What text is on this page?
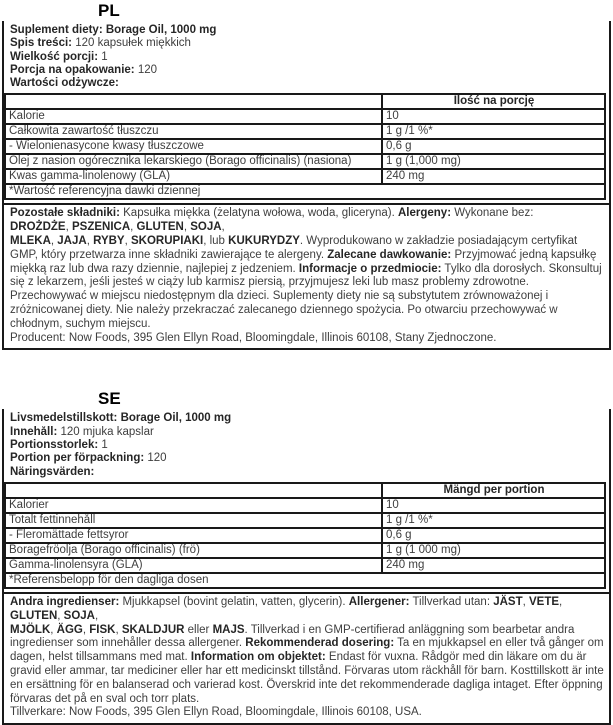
PL
Suplement diety: Borage Oil, 1000 mg
Spis treści: 120 kapsułek miękkich
Wielkość porcji: 1
Porcja na opakowanie: 120
Wartości odżywcze:
	Ilość na porcję
Kalorie	10
Całkowita zawartość tłuszczu	1 g /1 %*
- Wielonienasycone kwasy tłuszczowe	0,6 g
Olej z nasion ogórecznika lekarskiego (Borago officinalis) (nasiona)	1 g (1,000 mg)
Kwas gamma-linolenowy (GLA)	240 mg
*Wartość referencyjna dawki dziennej	
Pozostałe składniki: Kapsułka miękka (żelatyna wołowa, woda, gliceryna). Alergeny: Wykonane bez:
DROŻDŻE, PSZENICA, GLUTEN, SOJA,
MLEKA, JAJA, RYBY, SKORUPIAKI, lub KUKURYDZY. Wyprodukowano w zakładzie posiadającym certyfikat GMP, który przetwarza inne składniki zawierające te alergeny. Zalecane dawkowanie: Przyjmować jedną kapsułkę miękką raz lub dwa razy dziennie, najlepiej z jedzeniem. Informacje o przedmiocie: Tylko dla dorosłych. Skonsultuj się z lekarzem, jeśli jesteś w ciąży lub karmisz piersią, przyjmujesz leki lub masz problemy zdrowotne. Przechowywać w miejscu niedostępnym dla dzieci. Suplementy diety nie są substytutem zrównoważonej i zróżnicowanej diety. Nie należy przekraczać zalecanego dziennego spożycia. Po otwarciu przechowywać w chłodnym, suchym miejscu.
Producent: Now Foods, 395 Glen Ellyn Road, Bloomingdale, Illinois 60108, Stany Zjednoczone.
SE
Livsmedelstillskott: Borage Oil, 1000 mg
Innehåll: 120 mjuka kapslar
Portionsstorlek: 1
Portion per förpackning: 120
Näringsvärden:
	Mängd per portion
Kalorier	10
Totalt fettinnehåll	1 g /1 %*
- Fleromättade fettsyror	0,6 g
Boragefröolja (Borago officinalis) (frö)	1 g (1 000 mg)
Gamma-linolensyra (GLA)	240 mg
*Referensbelopp för den dagliga dosen	
Andra ingredienser: Mjukkapsel (bovint gelatin, vatten, glycerin). Allergener: Tillverkad utan: JÄST, VETE,
GLUTEN, SOJA,
MJÖLK, ÄGG, FISK, SKALDJUR eller MAJS. Tillverkad i en GMP-certifierad anläggning som bearbetar andra ingredienser som innehåller dessa allergener. Rekommenderad dosering: Ta en mjukkapsel en eller två gånger om dagen, helst tillsammans med mat. Information om objektet: Endast för vuxna. Rådgör med din läkare om du är gravid eller ammar, tar mediciner eller har ett medicinskt tillstånd. Förvaras utom räckhåll för barn. Kosttillskott är inte en ersättning för en balanserad och varierad kost. Överskrid inte det rekommenderade dagliga intaget. Efter öppning förvaras det på en sval och torr plats.
Tillverkare: Now Foods, 395 Glen Ellyn Road, Bloomingdale, Illinois 60108, USA.
